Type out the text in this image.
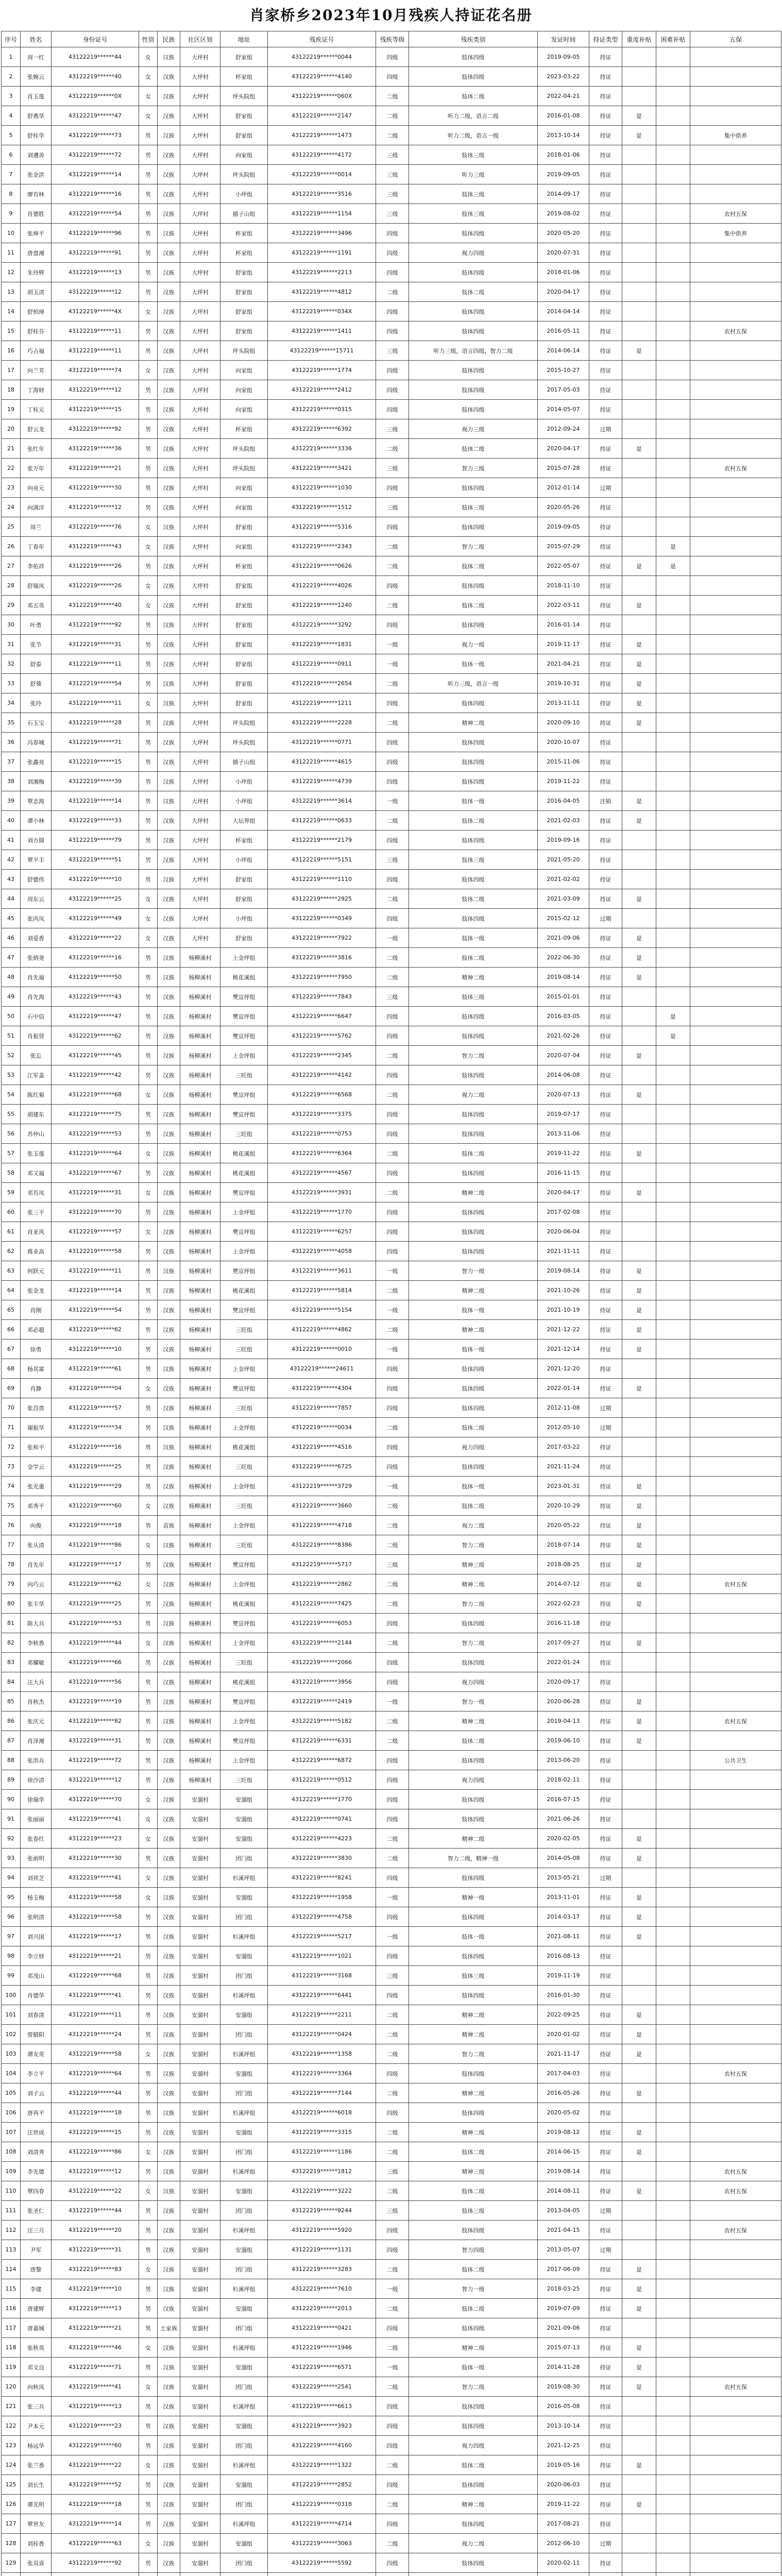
肖家桥乡2023年10月残疾人持证花名册
序号	姓名	身份证号	性别	民族	社区区划	地址	残疾证号	残疾等级	残疾类别	发证时间	持证类型	重度补贴	困难补贴	五保
1	周一红	43122219******44	女	汉族	大坪村	舒家组	43122219******0044	四级	肢体四级	2019-09-05	持证			
2	张婉云	43122219******40	女	汉族	大坪村	杯家组	43122219******4140	四级	肢体四级	2023-03-22	持证			
3	肖玉莲	43122219******0X	女	汉族	大坪村	坪头院组	43122219******060X	二级	肢体二级	2022-04-21	持证			
4	舒燕华	43122219******47	女	汉族	大坪村	舒家组	43122219******2147	二级	听力二级，语言二级	2016-01-08	持证	是		
5	舒桂华	43122219******73	男	汉族	大坪村	舒家组	43122219******1473	二级	听力二级，语言一级	2013-10-14	持证	是		集中供养
6	刘遵善	43122219******72	男	汉族	大坪村	向家组	43122219******4172	三级	肢体三级	2018-01-06	持证			
7	张金洪	43122219******14	男	汉族	大坪村	坪头院组	43122219******0014	三级	听力三级	2019-09-05	持证			
8	廖有林	43122219******16	男	汉族	大坪村	小坪组	43122219******3516	三级	肢体三级	2014-09-17	持证			
9	肖德胜	43122219******54	男	汉族	大坪村	插子山组	43122219******1154	三级	肢体三级	2019-08-02	持证			农村五保
10	张坤平	43122219******96	男	汉族	大坪村	杯家组	43122219******3496	四级	肢体四级	2020-05-20	持证			集中供养
11	唐盘湘	43122219******91	男	汉族	大坪村	杯家组	43122219******1191	四级	视力四级	2020-07-31	持证			
12	朱玲辉	43122219******13	男	汉族	大坪村	舒家组	43122219******2213	四级	肢体四级	2018-01-06	持证			
13	胡玉清	43122219******12	男	汉族	大坪村	舒家组	43122219******4812	二级	肢体二级	2020-04-17	持证			
14	舒柏璋	43122219******4X	女	汉族	大坪村	舒家组	43122219******034X	四级	肢体四级	2014-04-14	持证			
15	舒桂芬	43122219******11	男	汉族	大坪村	舒家组	43122219******1411	四级	肢体四级	2016-05-11	持证			农村五保
16	巧占福	43122219******11	男	汉族	大坪村	坪头院组	43122219******15711	三级	听力三级，语言四级，智力二级	2014-06-14	持证	是		
17	向兰芳	43122219******74	女	汉族	大坪村	向家组	43122219******1774	四级	肢体四级	2015-10-27	持证			
18	丁海财	43122219******12	男	汉族	大坪村	向家组	43122219******2412	四级	肢体四级	2017-05-03	持证			
19	丁桂元	43122219******15	男	汉族	大坪村	向家组	43122219******0315	四级	肢体四级	2014-05-07	持证			
20	舒云龙	43122219******92	男	汉族	大坪村	杯家组	43122219******6392	三级	视力三级	2012-09-24	过期			
21	张红年	43122219******36	男	汉族	大坪村	坪头院组	43122219******3336	二级	肢体二级	2020-04-17	持证	是		
22	张万年	43122219******21	男	汉族	大坪村	坪头院组	43122219******3421	三级	智力三级	2015-07-28	持证			农村五保
23	向亮元	43122219******30	男	汉族	大坪村	向家组	43122219******1030	四级	肢体四级	2012-01-14	过期			
24	向满洋	43122219******12	男	汉族	大坪村	向家组	43122219******1512	三级	肢体三级	2020-05-26	持证			
25	周兰	43122219******76	女	汉族	大坪村	舒家组	43122219******5316	四级	肢体四级	2019-09-05	持证			
26	丁春年	43122219******43	女	汉族	大坪村	向家组	43122219******2343	二级	智力二级	2015-07-29	持证		是	
27	李佑祥	43122219******26	男	汉族	大坪村	杯家组	43122219******0626	二级	肢体二级	2022-05-07	持证	是	是	
28	舒瑞凤	43122219******26	女	汉族	大坪村	舒家组	43122219******4026	四级	肢体四级	2018-11-10	持证			
29	邓五英	43122219******40	女	汉族	大坪村	舒家组	43122219******1240	二级	肢体二级	2022-03-11	持证	是		
30	叶勇	43122219******92	男	汉族	大坪村	舒家组	43122219******3292	四级	肢体四级	2016-01-14	持证			
31	张节	43122219******31	男	汉族	大坪村	舒家组	43122219******1831	一级	视力一级	2019-11-17	持证	是		
32	舒泰	43122219******11	男	汉族	大坪村	舒家组	43122219******0911	一级	肢体一级	2021-04-21	持证	是		
33	舒葵	43122219******54	男	汉族	大坪村	舒家组	43122219******2654	二级	听力三级，语言一级	2019-10-31	持证	是		
34	张玲	43122219******11	女	汉族	大坪村	舒家组	43122219******1211	四级	肢体四级	2013-11-11	持证	是		
35	石玉宝	43122219******28	男	汉族	大坪村	坪头院组	43122219******2228	二级	精神二级	2020-09-10	持证	是		
36	冯春城	43122219******71	男	汉族	大坪村	坪头院组	43122219******0771	四级	肢体四级	2020-10-07	持证			
37	张鑫亮	43122219******15	男	汉族	大坪村	插子山组	43122219******4615	四级	肢体四级	2015-11-06	持证			
38	刘湘梅	43122219******39	男	汉族	大坪村	小坪组	43122219******4739	四级	肢体四级	2019-11-22	持证			
39	覃志海	43122219******14	男	汉族	大坪村	小坪组	43122219******3614	一级	肢体一级	2016-04-05	注销	是		
40	谭小林	43122219******33	男	汉族	大坪村	大坛界组	43122219******0633	二级	肢体二级	2021-02-03	持证	是		
41	刘方圆	43122219******79	男	汉族	大坪村	杯家组	43122219******2179	四级	肢体四级	2019-09-16	持证			
42	覃平丰	43122219******51	男	汉族	大坪村	小坪组	43122219******5151	三级	肢体三级	2021-05-20	持证			
43	舒德伟	43122219******10	男	汉族	大坪村	舒家组	43122219******1110	四级	肢体四级	2021-02-02	持证			
44	周东云	43122219******25	女	汉族	大坪村	舒家组	43122219******2925	二级	肢体二级	2021-03-09	持证	是		
45	张丙凤	43122219******49	女	汉族	大坪村	小坪组	43122219******0349	四级	肢体四级	2015-02-12	过期			
46	刘爱香	43122219******22	女	汉族	大坪村	舒家组	43122219******7922	一级	肢体一级	2021-09-06	持证	是		
47	张炳尧	43122219******16	男	汉族	杨柳溪村	上金坪组	43122219******3816	二级	肢体二级	2022-06-30	持证	是		
48	肖先福	43122219******50	男	汉族	杨柳溪村	桃花溪组	43122219******7950	二级	精神二级	2019-08-14	持证	是		
49	肖先海	43122219******43	男	汉族	杨柳溪村	樊宣坪组	43122219******7843	三级	肢体三级	2015-01-01	持证			
50	石中信	43122219******47	男	汉族	杨柳溪村	樊宣坪组	43122219******6647	四级	肢体四级	2016-03-05	持证		是	
51	肖振贤	43122219******62	男	汉族	杨柳溪村	樊宣坪组	43122219******5762	四级	肢体四级	2021-02-26	持证		是	
52	张忘	43122219******45	男	汉族	杨柳溪村	上金坪组	43122219******2345	二级	智力二级	2020-07-04	持证	是		
53	江军盖	43122219******42	男	汉族	杨柳溪村	三旺组	43122219******4142	四级	肢体四级	2014-06-08	持证			
54	陈红菊	43122219******68	女	汉族	杨柳溪村	樊宣坪组	43122219******6568	二级	视力二级	2020-07-13	持证	是		
55	胡建东	43122219******75	男	汉族	杨柳溪村	樊宣坪组	43122219******3375	四级	肢体四级	2019-07-17	持证			
56	苏仲山	43122219******53	男	汉族	杨柳溪村	三旺组	43122219******0753	四级	肢体四级	2013-11-06	持证			
57	张玉莲	43122219******64	女	汉族	杨柳溪村	桃花溪组	43122219******6364	二级	肢体二级	2019-11-22	持证	是		
58	邓又福	43122219******67	男	汉族	杨柳溪村	桃花溪组	43122219******4567	四级	肢体四级	2016-11-15	持证			
59	邓有凤	43122219******31	女	汉族	杨柳溪村	樊宣坪组	43122219******3931	二级	精神二级	2020-04-17	持证	是		
60	张三平	43122219******70	男	汉族	杨柳溪村	上金坪组	43122219******1770	四级	肢体四级	2017-02-08	持证			
61	肖亚风	43122219******57	女	汉族	杨柳溪村	樊宣坪组	43122219******6257	四级	肢体四级	2020-06-04	持证			
62	蒋业高	43122219******58	男	汉族	杨柳溪村	上金坪组	43122219******4058	四级	肢体四级	2021-11-11	持证			
63	何跃元	43122219******11	男	汉族	杨柳溪村	樊宣坪组	43122219******3611	一级	智力一级	2019-08-14	持证	是		
64	张金龙	43122219******14	男	汉族	杨柳溪村	桃花溪组	43122219******5814	二级	精神二级	2021-10-26	持证	是		
65	肖刚	43122219******54	男	汉族	杨柳溪村	樊宣坪组	43122219******5154	一级	肢体一级	2021-10-19	持证	是		
66	邓必超	43122219******62	男	汉族	杨柳溪村	三旺组	43122219******4862	二级	精神二级	2021-12-22	持证	是		
67	徐勇	43122219******10	男	汉族	杨柳溪村	三旺组	43122219******0010	一级	肢体一级	2021-12-14	持证	是		
68	杨其富	43122219******61	男	汉族	杨柳溪村	上金坪组	43122219******24611	四级	肢体四级	2021-12-20	持证			
69	肖静	43122219******04	女	汉族	杨柳溪村	樊宣坪组	43122219******4304	四级	肢体四级	2022-01-14	持证	是		
70	张昌贵	43122219******57	男	汉族	杨柳溪村	三旺组	43122219******7857	四级	肢体四级	2012-11-08	过期			
71	谢振华	43122219******34	男	汉族	杨柳溪村	上金坪组	43122219******0034	二级	肢体二级	2012-05-10	过期			
72	张和平	43122219******16	男	汉族	杨柳溪村	桃花溪组	43122219******4516	四级	视力四级	2017-03-22	持证			
73	金学云	43122219******25	男	汉族	杨柳溪村	三旺组	43122219******6725	四级	肢体四级	2021-11-24	持证			
74	张光重	43122219******29	男	汉族	杨柳溪村	上金坪组	43122219******3729	一级	肢体一级	2023-01-31	持证	是		
75	邓秀平	43122219******60	女	汉族	杨柳溪村	三旺组	43122219******3660	二级	肢体二级	2020-10-29	持证	是		
76	向俊	43122219******18	男	苗族	杨柳溪村	上金坪组	43122219******4718	二级	视力二级	2020-05-22	持证	是		
77	张从清	43122219******86	女	汉族	杨柳溪村	三旺组	43122219******8386	二级	智力二级	2018-07-14	持证	是		
78	肖先年	43122219******17	男	汉族	杨柳溪村	樊宣坪组	43122219******5717	三级	精神三级	2018-08-25	持证	是		
79	向巧云	43122219******62	女	汉族	杨柳溪村	上金坪组	43122219******2862	二级	精神二级	2014-07-12	持证	是		农村五保
80	张丰华	43122219******25	男	汉族	杨柳溪村	桃花溪组	43122219******7425	二级	智力二级	2022-02-23	持证	是		
81	陈大兵	43122219******53	男	汉族	杨柳溪村	樊宣坪组	43122219******6053	四级	肢体四级	2016-11-18	持证			
82	李秋香	43122219******44	女	汉族	杨柳溪村	上金坪组	43122219******2144	二级	智力二级	2017-09-27	持证	是		
83	邓耀敏	43122219******66	男	汉族	杨柳溪村	三旺组	43122219******2066	四级	肢体四级	2022-01-24	持证			
84	汪大兵	43122219******56	男	汉族	杨柳溪村	桃花溪组	43122219******3956	四级	视力四级	2020-09-17	持证			
85	肖秋杰	43122219******19	男	汉族	杨柳溪村	樊宣坪组	43122219******2419	一级	智力一级	2020-06-28	持证	是		
86	张庆元	43122219******82	男	汉族	杨柳溪村	上金坪组	43122219******5182	二级	精神二级	2019-04-13	持证	是		农村五保
87	肖泽湘	43122219******31	男	汉族	杨柳溪村	樊宣坪组	43122219******6331	二级	肢体二级	2019-06-10	持证	是		
88	张洪兵	43122219******72	男	汉族	杨柳溪村	上金坪组	43122219******6872	四级	肢体四级	2013-06-20	持证			公共卫生
89	徐沙清	43122219******12	男	汉族	杨柳溪村	三旺组	43122219******0512	四级	视力四级	2018-02-11	持证			
90	徐瑞华	43122219******70	女	汉族	安溜村	安溜组	43122219******1770	四级	肢体四级	2016-07-15	持证			
91	张丽丽	43122219******41	女	汉族	安溜村	安溜组	43122219******0741	四级	肢体四级	2021-06-26	持证			
92	张春红	43122219******23	女	汉族	安溜村	安溜组	43122219******4223	二级	精神二级	2020-02-05	持证	是		
93	张前明	43122219******30	男	汉族	安溜村	团门组	43122219******3830	二级	智力二级，精神一级	2014-05-08	持证	是		
94	刘祥芝	43122219******41	女	汉族	安溜村	杉溪坪组	43122219******8241	四级	肢体四级	2013-05-21	过期			
95	杨玉梅	43122219******58	女	汉族	安溜村	安溜组	43122219******1958	一级	精神一级	2013-11-01	持证	是		
96	张明清	43122219******58	男	汉族	安溜村	团门组	43122219******4758	四级	肢体四级	2014-03-17	持证	是		
97	刘兴国	43122219******17	男	汉族	安溜村	杉溪坪组	43122219******5217	一级	肢体一级	2021-08-11	持证	是		
98	李立财	43122219******21	男	汉族	安溜村	安溜组	43122219******1021	四级	肢体四级	2016-08-13	持证			
99	邓茂山	43122219******68	男	汉族	安溜村	团门组	43122219******3168	三级	肢体三级	2019-11-19	持证			
100	肖德华	43122219******41	男	汉族	安溜村	杉溪坪组	43122219******6441	四级	肢体四级	2016-01-30	持证			
101	刘春清	43122219******11	男	汉族	安溜村	安溜组	43122219******2211	二级	精神二级	2022-09-25	持证	是		
102	曾腊阳	43122219******24	男	汉族	安溜村	团门组	43122219******0424	二级	精神二级	2020-01-02	持证	是		
103	谭友英	43122219******58	女	汉族	安溜村	杉溪坪组	43122219******1358	二级	智力二级	2021-11-17	持证	是		
104	李立平	43122219******64	男	汉族	安溜村	安溜组	43122219******3364	四级	肢体四级	2017-04-03	持证			农村五保
105	刘子云	43122219******44	男	汉族	安溜村	团门组	43122219******7144	二级	精神二级	2016-05-26	持证	是		
106	唐再平	43122219******18	男	汉族	安溜村	杉溪坪组	43122219******6018	四级	肢体四级	2020-05-02	持证			
107	汪世成	43122219******15	男	汉族	安溜村	安溜组	43122219******3315	二级	精神二级	2019-08-12	持证	是		
108	刘清秀	43122219******86	女	汉族	安溜村	团门组	43122219******1186	二级	肢体二级	2014-06-15	持证	是		
109	李先德	43122219******12	男	汉族	安溜村	杉溪坪组	43122219******1812	三级	精神三级	2019-08-14	持证			农村五保
110	覃四春	43122219******22	女	汉族	安溜村	安溜组	43122219******3222	二级	肢体二级	2014-08-11	持证	是		农村五保
111	张圣仁	43122219******44	男	汉族	安溜村	团门组	43122219******9244	三级	肢体三级	2013-04-05	过期			
112	汪三月	43122219******20	男	汉族	安溜村	杉溪坪组	43122219******5920	四级	肢体四级	2021-04-15	持证			农村五保
113	尹军	43122219******31	男	汉族	安溜村	安溜组	43122219******1131	四级	智力四级	2013-05-07	过期			
114	唐黎	43122219******83	女	汉族	安溜村	团门组	43122219******3283	二级	肢体二级	2017-06-09	持证	是		
115	李建	43122219******10	男	汉族	安溜村	杉溪坪组	43122219******7610	一级	智力一级	2018-03-25	持证	是		
116	唐建辉	43122219******13	男	汉族	安溜村	安溜组	43122219******2013	二级	肢体二级	2019-07-09	持证	是		
117	唐嘉城	43122219******21	男	土家族	安溜村	团门组	43122219******0421	四级	肢体四级	2021-09-06	持证			
118	张秋英	43122219******46	女	汉族	安溜村	杉溪坪组	43122219******1946	二级	精神二级	2015-07-13	持证	是		
119	邓文良	43122219******71	男	汉族	安溜村	安溜组	43122219******6571	一级	肢体一级	2014-11-28	持证	是		
120	向秋凤	43122219******41	女	汉族	安溜村	团门组	43122219******2541	二级	智力二级	2019-08-30	持证	是		农村五保
121	张三兵	43122219******13	男	汉族	安溜村	杉溪坪组	43122219******6613	四级	肢体四级	2016-05-08	持证			
122	尹本元	43122219******23	男	汉族	安溜村	安溜组	43122219******3923	四级	肢体四级	2013-10-14	持证			
123	杨远华	43122219******60	男	汉族	安溜村	团门组	43122219******4160	四级	视力四级	2021-12-25	持证			
124	张兰香	43122219******22	女	汉族	安溜村	杉溪坪组	43122219******1322	二级	肢体二级	2019-05-16	持证	是		
125	刘长生	43122219******52	男	汉族	安溜村	安溜组	43122219******2852	四级	肢体四级	2020-06-03	持证			
126	谭光明	43122219******18	男	汉族	安溜村	团门组	43122219******0318	二级	精神二级	2019-11-22	持证	是		
127	覃世友	43122219******14	男	汉族	安溜村	杉溪坪组	43122219******4714	四级	肢体四级	2017-08-21	持证			
128	刘桂香	43122219******63	女	汉族	安溜村	安溜组	43122219******3063	二级	视力二级	2012-06-10	过期			
129	张双喜	43122219******92	男	汉族	安溜村	团门组	43122219******5592	四级	肢体四级	2020-02-11	持证			
